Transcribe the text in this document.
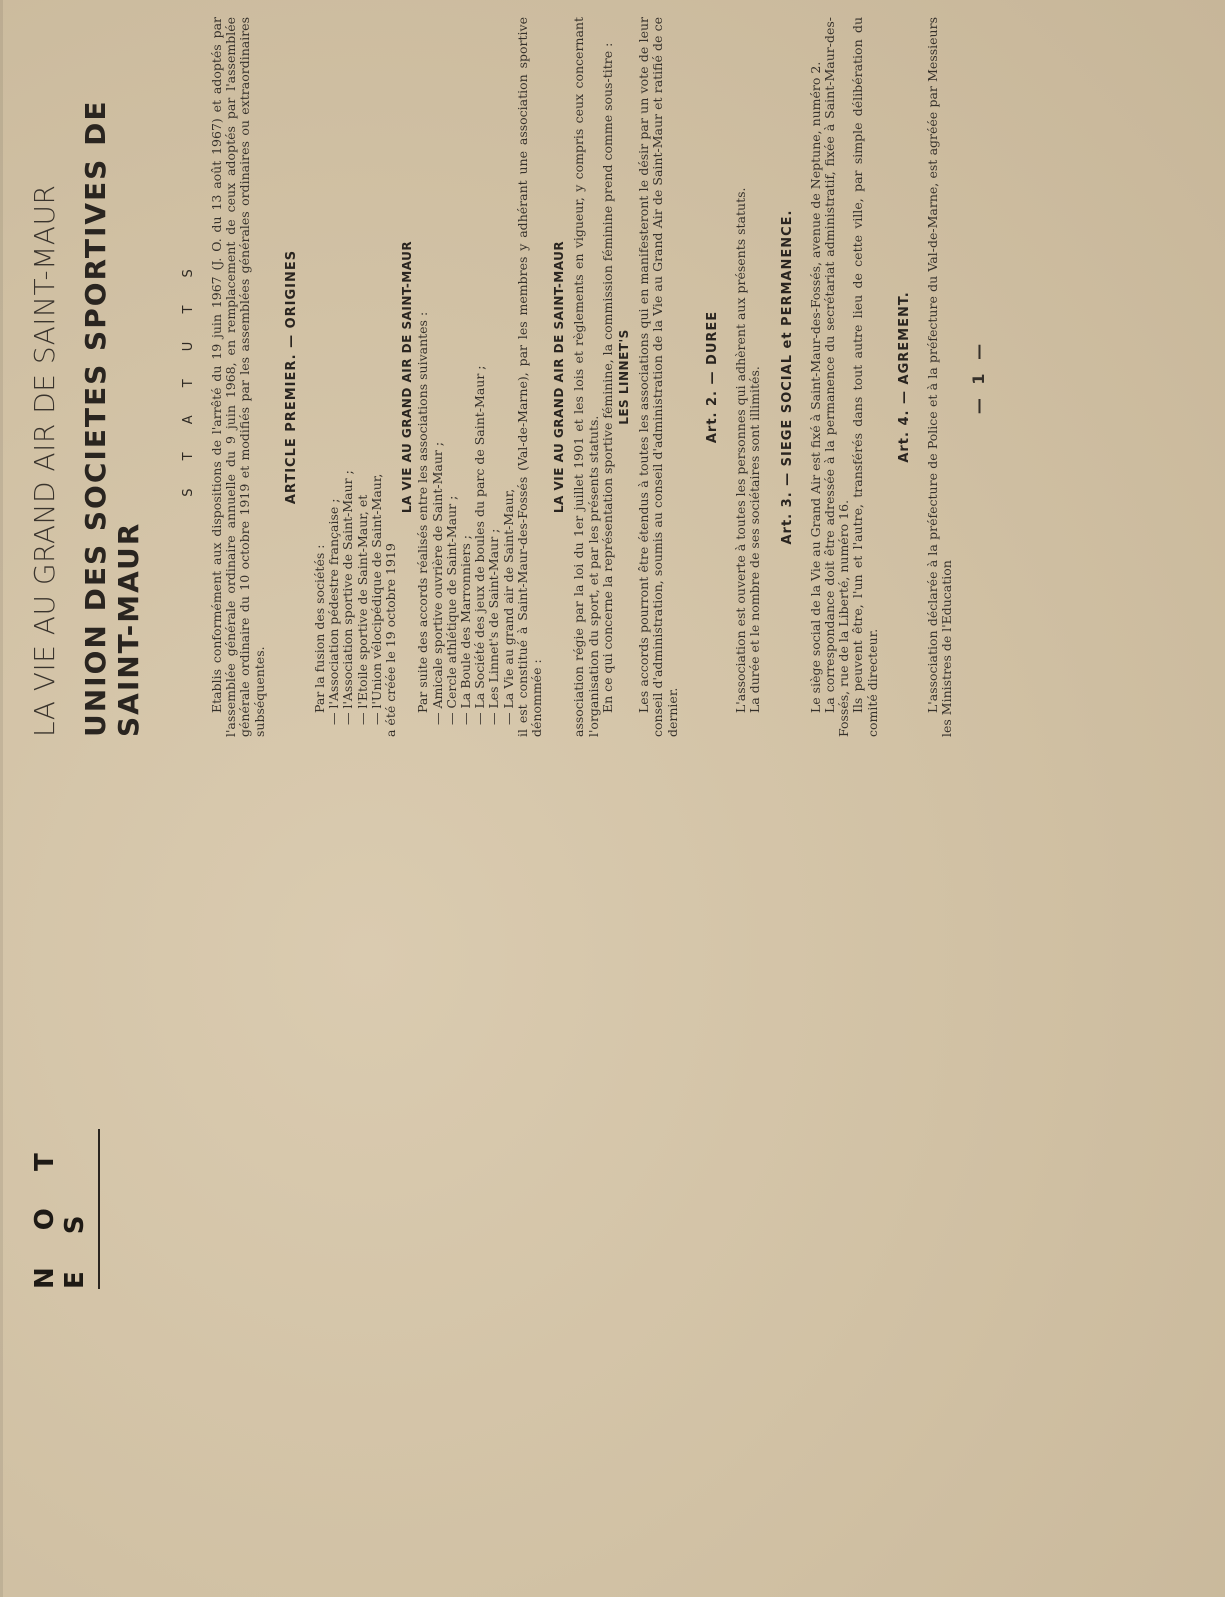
N O T E S
LA VIE AU GRAND AIR DE SAINT-MAUR UNION DES SOCIETES SPORTIVES DE SAINT-MAUR
S T A T U T S Etablis conformément aux dispositions de l'arrêté du 19 juin 1967 (J. O. du 13 août 1967) et adoptés par l'assemblée générale ordinaire annuelle du 9 juin 1968, en remplacement de ceux adoptés par l'assemblée générale ordinaire du 10 octobre 1919 et modifiés par les assemblées générales ordinaires ou extraordinaires subséquentes.

ARTICLE PREMIER. — ORIGINES

Par la fusion des sociétés : — l'Association pédestre française ; — l'Association sportive de Saint-Maur ; — l'Etoile sportive de Saint-Maur, et — l'Union vélocipédique de Saint-Maur, a été créée le 19 octobre 1919

LA VIE AU GRAND AIR DE SAINT-MAUR Par suite des accords réalisés entre les associations suivantes : — Amicale sportive ouvrière de Saint-Maur ; — Cercle athlétique de Saint-Maur ; — La Boule des Marronniers ; — La Société des jeux de boules du parc de Saint-Maur ; — Les Linnet's de Saint-Maur ; — La Vie au grand air de Saint-Maur, il est constitué à Saint-Maur-des-Fossés (Val-de-Marne), par les membres y adhérant une association sportive dénommée :

LA VIE AU GRAND AIR DE SAINT-MAUR association régie par la loi du 1er juillet 1901 et les lois et règlements en vigueur, y compris ceux concernant l'organisation du sport, et par les présents statuts. En ce qui concerne la représentation sportive féminine, la commission féminine prend comme sous-titre : LES LINNET'S Les accords pourront être étendus à toutes les associations qui en manifesteront le désir par un vote de leur conseil d'administration, soumis au conseil d'administration de la Vie au Grand Air de Saint-Maur et ratifié de ce dernier.

Art. 2. — DUREE L'association est ouverte à toutes les personnes qui adhèrent aux présents statuts. La durée et le nombre de ses sociétaires sont illimités. Art. 3. — SIEGE SOCIAL et PERMANENCE. Le siège social de la Vie au Grand Air est fixé à Saint-Maur-des-Fossés, avenue de Neptune, numéro 2. La correspondance doit être adressée à la permanence du secrétariat administratif, fixée à Saint-Maur-des-Fossés, rue de la Liberté, numéro 16. Ils peuvent être, l'un et l'autre, transférés dans tout autre lieu de cette ville, par simple délibération du comité directeur.

Art. 4. — AGREMENT. L'association déclarée à la préfecture de Police et à la préfecture du Val-de-Marne, est agréée par Messieurs les Ministres de l'Education

— 1 —
